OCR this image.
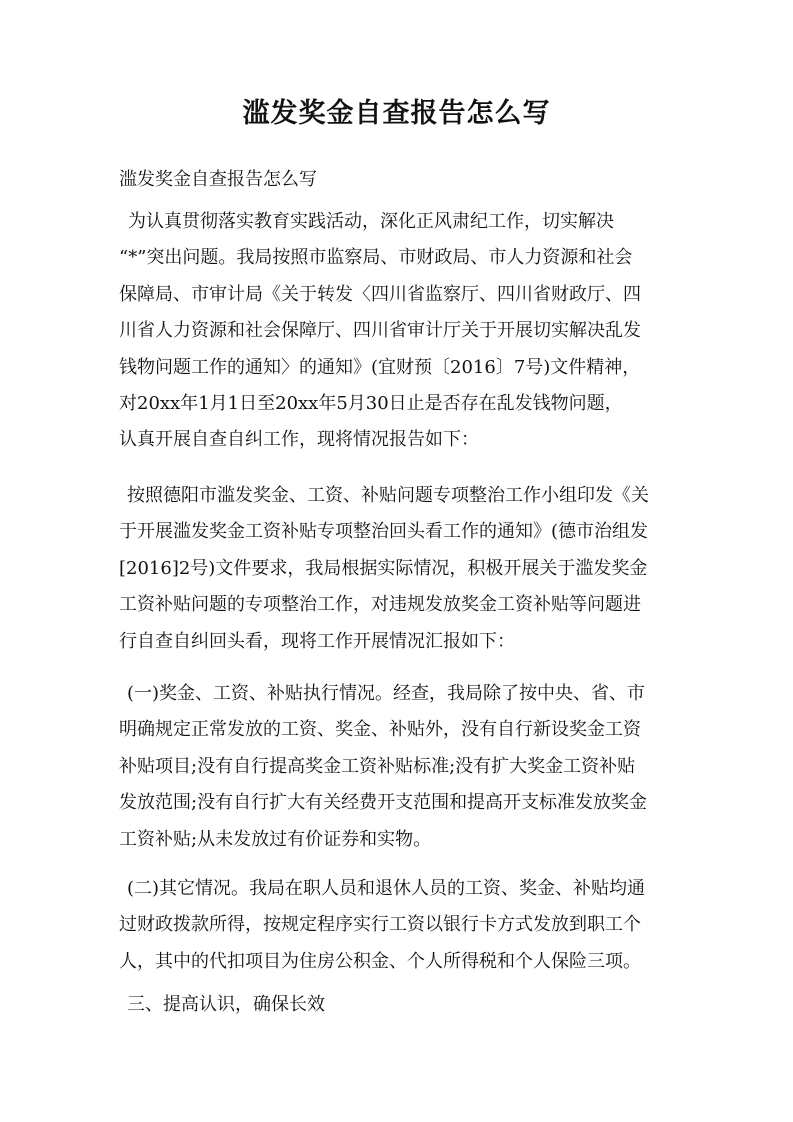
滥发奖金自查报告怎么写
滥发奖金自查报告怎么写
为认真贯彻落实教育实践活动，深化正风肃纪工作，切实解决
“*”突出问题。我局按照市监察局、市财政局、市人力资源和社会
保障局、市审计局《关于转发〈四川省监察厅、四川省财政厅、四
川省人力资源和社会保障厅、四川省审计厅关于开展切实解决乱发
钱物问题工作的通知〉的通知》(宜财预〔2016〕7号)文件精神，
对20xx年1月1日至20xx年5月30日止是否存在乱发钱物问题，
认真开展自查自纠工作，现将情况报告如下：
按照德阳市滥发奖金、工资、补贴问题专项整治工作小组印发《关
于开展滥发奖金工资补贴专项整治回头看工作的通知》(德市治组发
[2016]2号)文件要求，我局根据实际情况，积极开展关于滥发奖金
工资补贴问题的专项整治工作，对违规发放奖金工资补贴等问题进
行自查自纠回头看，现将工作开展情况汇报如下：
(一)奖金、工资、补贴执行情况。经查，我局除了按中央、省、市
明确规定正常发放的工资、奖金、补贴外，没有自行新设奖金工资
补贴项目;没有自行提高奖金工资补贴标准;没有扩大奖金工资补贴
发放范围;没有自行扩大有关经费开支范围和提高开支标准发放奖金
工资补贴;从未发放过有价证券和实物。
(二)其它情况。我局在职人员和退休人员的工资、奖金、补贴均通
过财政拨款所得，按规定程序实行工资以银行卡方式发放到职工个
人，其中的代扣项目为住房公积金、个人所得税和个人保险三项。
三、提高认识，确保长效
